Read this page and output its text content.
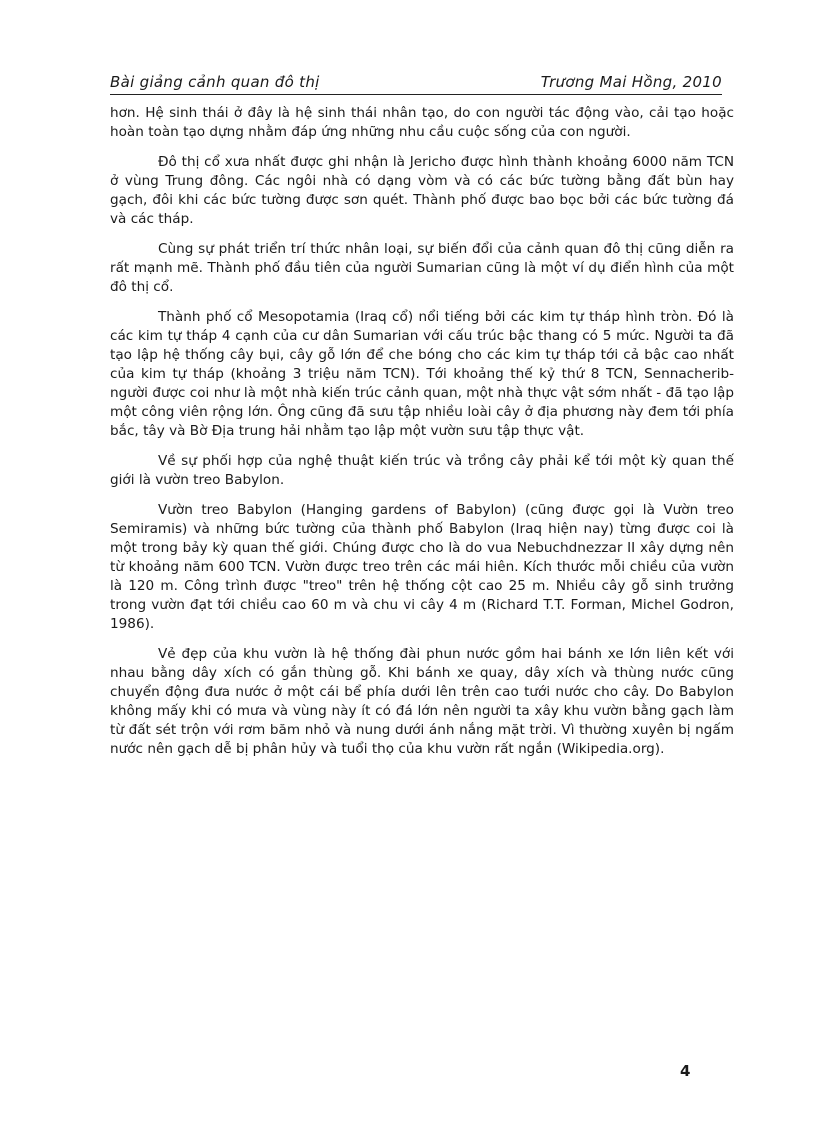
Bài giảng cảnh quan đô thị	Trương Mai Hồng, 2010

hơn. Hệ sinh thái ở đây là hệ sinh thái nhân tạo, do con người tác động vào, cải tạo hoặc hoàn toàn tạo dựng nhằm đáp ứng những nhu cầu cuộc sống của con người.

Đô thị cổ xưa nhất được ghi nhận là Jericho được hình thành khoảng 6000 năm TCN ở vùng Trung đông. Các ngôi nhà có dạng vòm và có các bức tường bằng đất bùn hay gạch, đôi khi các bức tường được sơn quét. Thành phố được bao bọc bởi các bức tường đá và các tháp.

Cùng sự phát triển trí thức nhân loại, sự biến đổi của cảnh quan đô thị cũng diễn ra rất mạnh mẽ. Thành phố đầu tiên của người Sumarian cũng là một ví dụ điển hình của một đô thị cổ.

Thành phố cổ Mesopotamia (Iraq cổ) nổi tiếng bởi các kim tự tháp hình tròn. Đó là các kim tự tháp 4 cạnh của cư dân Sumarian với cấu trúc bậc thang có 5 mức. Người ta đã tạo lập hệ thống cây bụi, cây gỗ lớn để che bóng cho các kim tự tháp tới cả bậc cao nhất của kim tự tháp (khoảng 3 triệu năm TCN). Tới khoảng thế kỷ thứ 8 TCN, Sennacherib- người được coi như là một nhà kiến trúc cảnh quan, một nhà thực vật sớm nhất - đã tạo lập một công viên rộng lớn. Ông cũng đã sưu tập nhiều loài cây ở địa phương này đem tới phía bắc, tây và Bờ Địa trung hải nhằm tạo lập một vườn sưu tập thực vật.

Về sự phối hợp của nghệ thuật kiến trúc và trồng cây phải kể tới một kỳ quan thế giới là vườn treo Babylon.

Vườn treo Babylon (Hanging gardens of Babylon) (cũng được gọi là Vườn treo Semiramis) và những bức tường của thành phố Babylon (Iraq hiện nay) từng được coi là một trong bảy kỳ quan thế giới. Chúng được cho là do vua Nebuchdnezzar II xây dựng nên từ khoảng năm 600 TCN. Vườn được treo trên các mái hiên. Kích thước mỗi chiều của vườn là 120 m. Công trình được "treo" trên hệ thống cột cao 25 m. Nhiều cây gỗ sinh trưởng trong vườn đạt tới chiều cao 60 m và chu vi cây 4 m (Richard T.T. Forman, Michel Godron, 1986).

Vẻ đẹp của khu vườn là hệ thống đài phun nước gồm hai bánh xe lớn liên kết với nhau bằng dây xích có gắn thùng gỗ. Khi bánh xe quay, dây xích và thùng nước cũng chuyển động đưa nước ở một cái bể phía dưới lên trên cao tưới nước cho cây. Do Babylon không mấy khi có mưa và vùng này ít có đá lớn nên người ta xây khu vườn bằng gạch làm từ đất sét trộn với rơm băm nhỏ và nung dưới ánh nắng mặt trời. Vì thường xuyên bị ngấm nước nên gạch dễ bị phân hủy và tuổi thọ của khu vườn rất ngắn (Wikipedia.org).

4
